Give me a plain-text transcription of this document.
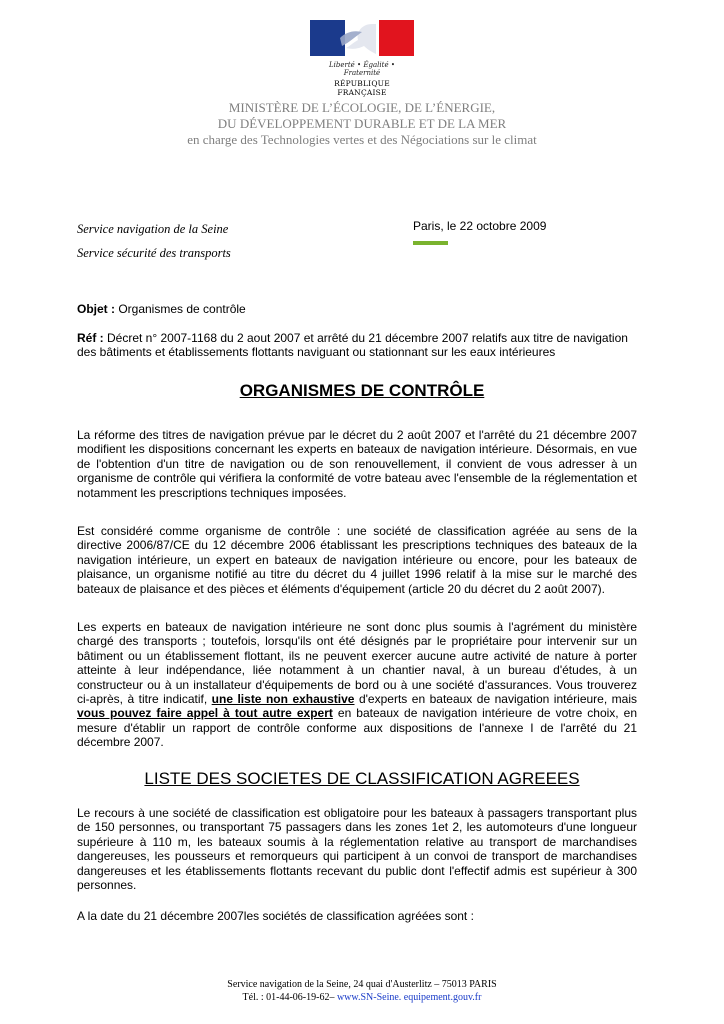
Liberté • Égalité • Fraternité
RÉPUBLIQUE FRANÇAISE
MINISTÈRE DE L’ÉCOLOGIE, DE L’ÉNERGIE,
DU DÉVELOPPEMENT DURABLE ET DE LA MER
en charge des Technologies vertes et des Négociations sur le climat
Service navigation de la Seine
Service sécurité des transports
Paris, le 22 octobre 2009
Objet : Organismes de contrôle
Réf : Décret n° 2007-1168 du 2 aout 2007 et arrêté du 21 décembre 2007 relatifs aux titre de navigation des bâtiments et établissements flottants naviguant ou stationnant sur les eaux intérieures
ORGANISMES DE CONTRÔLE
La réforme des titres de navigation prévue par le décret du 2 août 2007 et l'arrêté du 21 décembre 2007 modifient les dispositions concernant les experts en bateaux de navigation intérieure. Désormais, en vue de l'obtention d'un titre de navigation ou de son renouvellement, il convient de vous adresser à un organisme de contrôle qui vérifiera la conformité de votre bateau avec l'ensemble de la réglementation et notamment les prescriptions techniques imposées.
Est considéré comme organisme de contrôle : une société de classification agréée au sens de la directive 2006/87/CE du 12 décembre 2006 établissant les prescriptions techniques des bateaux de la navigation intérieure, un expert en bateaux de navigation intérieure ou encore, pour les bateaux de plaisance, un organisme notifié au titre du décret du 4 juillet 1996 relatif à la mise sur le marché des bateaux de plaisance et des pièces et éléments d'équipement (article 20 du décret du 2 août 2007).
Les experts en bateaux de navigation intérieure ne sont donc plus soumis à l'agrément du ministère chargé des transports ; toutefois, lorsqu'ils ont été désignés par le propriétaire pour intervenir sur un bâtiment ou un établissement flottant, ils ne peuvent exercer aucune autre activité de nature à porter atteinte à leur indépendance, liée notamment à un chantier naval, à un bureau d'études, à un constructeur ou à un installateur d'équipements de bord ou à une société d'assurances. Vous trouverez ci-après, à titre indicatif, une liste non exhaustive d'experts en bateaux de navigation intérieure, mais vous pouvez faire appel à tout autre expert en bateaux de navigation intérieure de votre choix, en mesure d'établir un rapport de contrôle conforme aux dispositions de l'annexe I de l'arrêté du 21 décembre 2007.
LISTE DES SOCIETES DE CLASSIFICATION AGREEES
Le recours à une société de classification est obligatoire pour les bateaux à passagers transportant plus de 150 personnes, ou transportant 75 passagers dans les zones 1et 2, les automoteurs d'une longueur supérieure à 110 m, les bateaux soumis à la réglementation relative au transport de marchandises dangereuses, les pousseurs et remorqueurs qui participent à un convoi de transport de marchandises dangereuses et les établissements flottants recevant du public dont l'effectif admis est supérieur à 300 personnes.
A la date du 21 décembre 2007les sociétés de classification agréées sont :
Service navigation de la Seine, 24 quai d'Austerlitz – 75013 PARIS
Tél. : 01-44-06-19-62– www.SN-Seine. equipement.gouv.fr
